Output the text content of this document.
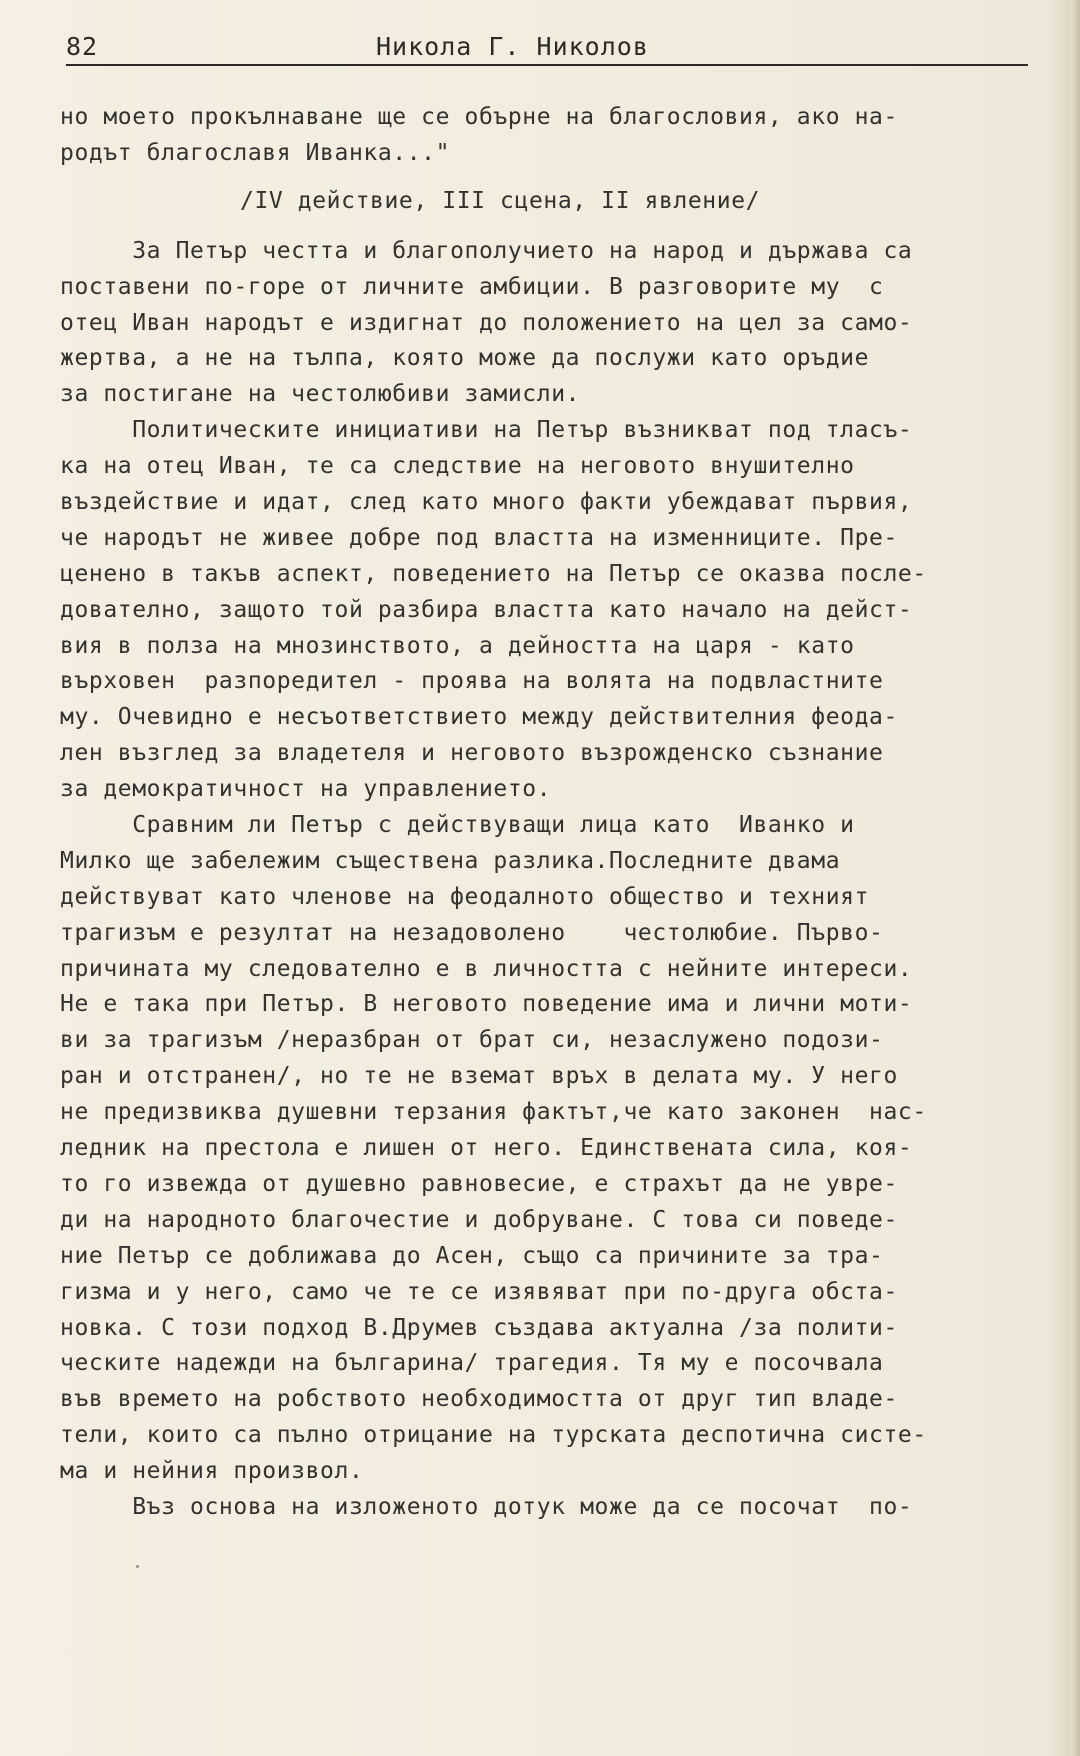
82	Никола Г. Николов
но моето прокълнаване ще се обърне на благословия, ако на-
родът благославя Иванка..."
/IV действие, III сцена, II явление/
За Петър честта и благополучието на народ и държава са
поставени по-горе от личните амбиции. В разговорите му  с
отец Иван народът е издигнат до положението на цел за само-
жертва, а не на тълпа, която може да послужи като оръдие
за постигане на честолюбиви замисли.
Политическите инициативи на Петър възникват под тласъ-
ка на отец Иван, те са следствие на неговото внушително
въздействие и идат, след като много факти убеждават първия,
че народът не живее добре под властта на изменниците. Пре-
ценено в такъв аспект, поведението на Петър се оказва после-
дователно, защото той разбира властта като начало на дейст-
вия в полза на мнозинството, а дейността на царя - като
върховен  разпоредител - проява на волята на подвластните
му. Очевидно е несъответствието между действителния феода-
лен възглед за владетеля и неговото възрожденско съзнание
за демократичност на управлението.
Сравним ли Петър с действуващи лица като  Иванко и
Милко ще забележим съществена разлика.Последните двама
действуват като членове на феодалното общество и техният
трагизъм е резултат на незадоволено    честолюбие. Първо-
причината му следователно е в личността с нейните интереси.
Не е така при Петър. В неговото поведение има и лични моти-
ви за трагизъм /неразбран от брат си, незаслужено подози-
ран и отстранен/, но те не вземат връх в делата му. У него
не предизвиква душевни терзания фактът,че като законен  нас-
ледник на престола е лишен от него. Единствената сила, коя-
то го извежда от душевно равновесие, е страхът да не увре-
ди на народното благочестие и добруване. С това си поведе-
ние Петър се доближава до Асен, също са причините за тра-
гизма и у него, само че те се изявяват при по-друга обста-
новка. С този подход В.Друмев създава актуална /за полити-
ческите надежди на българина/ трагедия. Тя му е посочвала
във времето на робството необходимостта от друг тип владе-
тели, които са пълно отрицание на турската деспотична систе-
ма и нейния произвол.
Въз основа на изложеното дотук може да се посочат  по-
